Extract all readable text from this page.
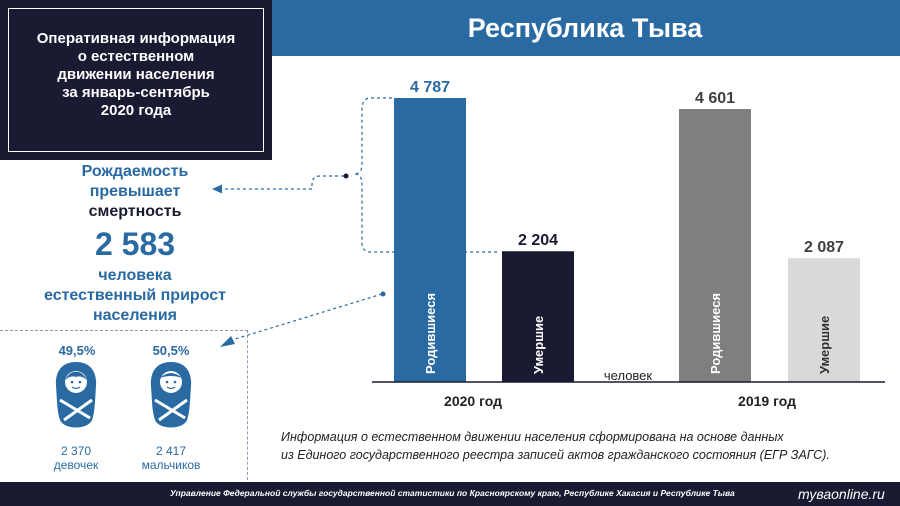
Республика Тыва
Оперативная информация
о естественном
движении населения
за январь-сентябрь
2020 года
Рождаемость
превышает
смертность
2 583
человека
естественный прирост
населения
49,5%	50,5%
2 370
девочек
2 417
мальчиков
4 787
Родившиеся
2 204
Умершие
4 601
Родившиеся
2 087
Умершие
человек
2020 год	2019 год
Информация о естественном движении населения сформирована на основе данных
из Единого государственного реестра записей актов гражданского состояния (ЕГР ЗАГС).
Управление Федеральной службы государственной статистики по Красноярскому краю, Республике Хакасия и Республике Тыва	туваonline.ru
